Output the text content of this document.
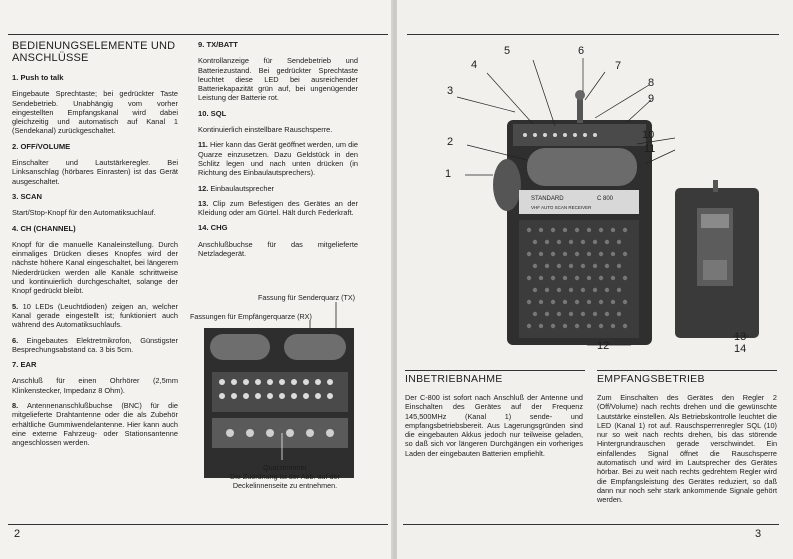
BEDIENUNGSELEMENTE UND
ANSCHLÜSSE
1. Push to talk

Eingebaute Sprechtaste; bei gedrückter Taste Sendebetrieb. Unabhängig vom vorher eingestellten Empfangskanal wird dabei gleichzeitig und automatisch auf Kanal 1 (Sendekanal) zurückgeschaltet.

2. OFF/VOLUME

Einschalter und Lautstärkeregler. Bei Linksanschlag (hörbares Einrasten) ist das Gerät ausgeschaltet.

3. SCAN

Start/Stop-Knopf für den Automatiksuchlauf.

4. CH (CHANNEL)

Knopf für die manuelle Kanaleinstellung. Durch einmaliges Drücken dieses Knopfes wird der nächste höhere Kanal eingeschaltet, bei längerem Niederdrücken werden alle Kanäle schrittweise und kontinuierlich durchgeschaltet, solange der Knopf gedrückt bleibt.

5. 10 LEDs (Leuchtdioden) zeigen an, welcher Kanal gerade eingestellt ist; funktioniert auch während des Automatiksuchlaufs.

6. Eingebautes Elektretmikrofon, Günstigster Besprechungsabstand ca. 3 bis 5cm.

7. EAR

Anschluß für einen Ohrhörer (2,5mm Klinkenstecker, Impedanz 8 Ohm).

8. Antennenanschlußbuchse (BNC) für die mitgelieferte Drahtantenne oder die als Zubehör erhältliche Gummiwendelantenne. Hier kann auch eine externe Fahrzeug- oder Stationsantenne angeschlossen werden.

9. TX/BATT

Kontrollanzeige für Sendebetrieb und Batteriezustand. Bei gedrückter Sprechtaste leuchtet diese LED bei ausreichender Batteriekapazität grün auf, bei ungenügender Leistung der Batterie rot.

10. SQL

Kontinuierlich einstellbare Rauschsperre.

11. Hier kann das Gerät geöffnet werden, um die Quarze einzusetzen. Dazu Geldstück in den Schlitz legen und nach unten drücken (in Richtung des Einbaulautsprechers).

12. Einbaulautsprecher

13. Clip zum Befestigen des Gerätes an der Kleidung oder am Gürtel. Hält durch Federkraft.

14. CHG

Anschlußbuchse für das mitgelieferte Netzladegerät.

Fassung für Senderquarz (TX)
Fassungen für Empfängerquarze (RX)
Quarztrimmer
Die Zuordnung ist der Abb. auf der
Deckelinnenseite zu entnehmen.
2
STANDARD	C 800
VHF AUTO SCAN RECEIVER
1
2
3
4
5	6
7
8
9
10
11
12
13
14
INBETRIEBNAHME	EMPFANGSBETRIEB
Der C-800 ist sofort nach Anschluß der Antenne und Einschalten des Gerätes auf der Frequenz 145,500MHz (Kanal 1) sende- und empfangsbetriebsbereit. Aus Lagerungsgründen sind die eingebauten Akkus jedoch nur teilweise geladen, so daß sich vor längeren Durchgängen ein vorheriges Laden der eingebauten Batterien empfiehlt.
Zum Einschalten des Gerätes den Regler 2 (Off/Volume) nach rechts drehen und die gewünschte Lautstärke einstellen. Als Betriebskontrolle leuchtet die LED (Kanal 1) rot auf. Rauschsperrenregler SQL (10) nur so weit nach rechts drehen, bis das störende Hintergrundrauschen gerade verschwindet. Ein einfallendes Signal öffnet die Rauschsperre automatisch und wird im Lautsprecher des Gerätes hörbar. Bei zu weit nach rechts gedrehtem Regler wird die Empfangsleistung des Gerätes reduziert, so daß dann nur noch sehr stark ankommende Signale gehört werden.
3
